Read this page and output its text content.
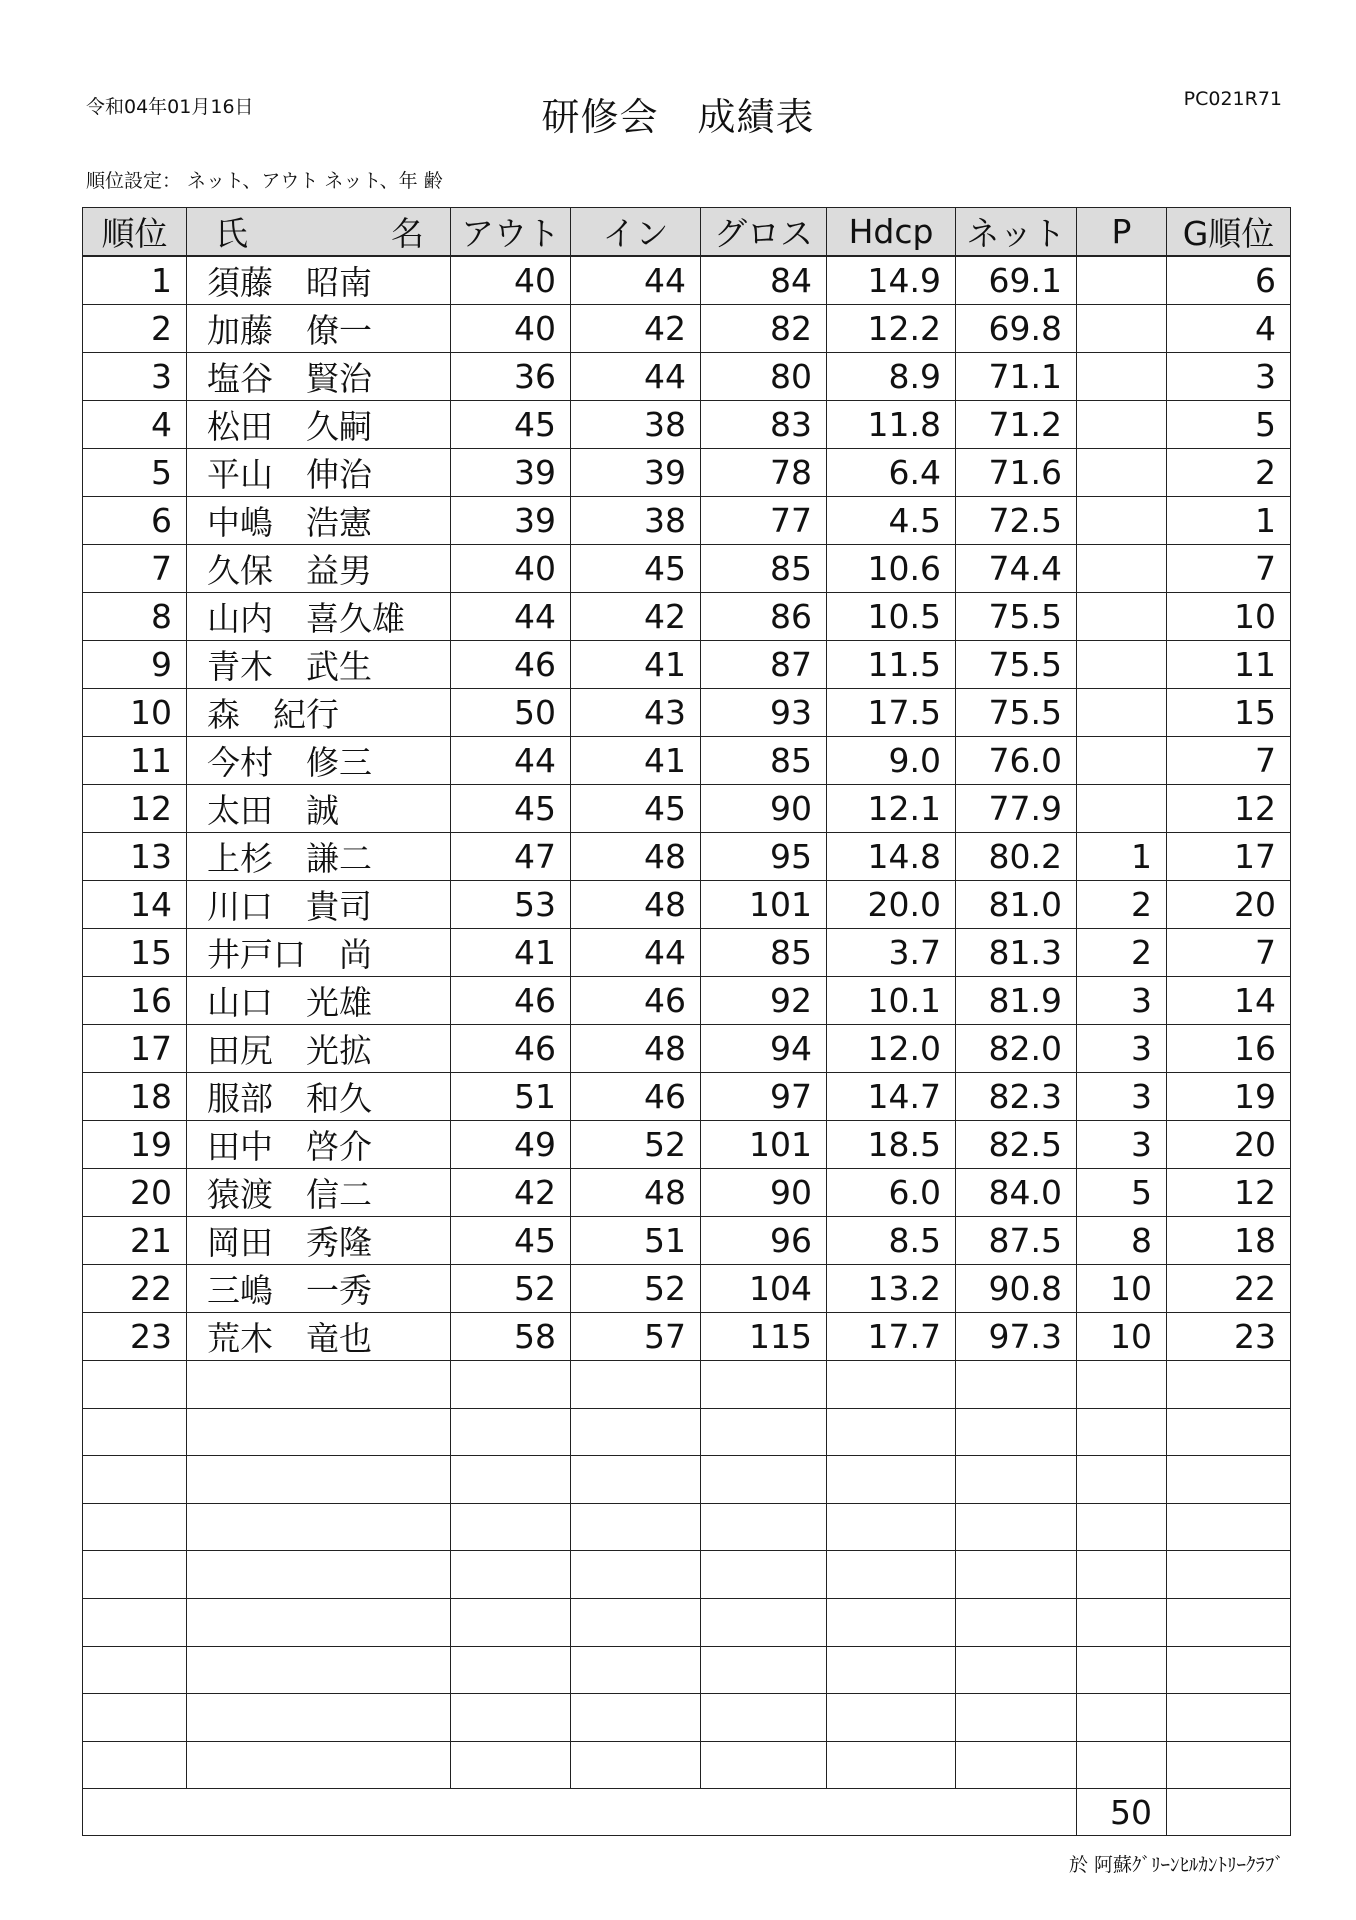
令和04年01月16日	研修会　成績表	PC021R71
順位設定： ネット、アウト ネット、年 齢
順位	氏 名	アウト	イン	グロス	Hdcp	ネット	P	G順位
1	須藤　昭南	40	44	84	14.9	69.1		6
2	加藤　僚一	40	42	82	12.2	69.8		4
3	塩谷　賢治	36	44	80	8.9	71.1		3
4	松田　久嗣	45	38	83	11.8	71.2		5
5	平山　伸治	39	39	78	6.4	71.6		2
6	中嶋　浩憲	39	38	77	4.5	72.5		1
7	久保　益男	40	45	85	10.6	74.4		7
8	山内　喜久雄	44	42	86	10.5	75.5		10
9	青木　武生	46	41	87	11.5	75.5		11
10	森　紀行	50	43	93	17.5	75.5		15
11	今村　修三	44	41	85	9.0	76.0		7
12	太田　誠	45	45	90	12.1	77.9		12
13	上杉　謙二	47	48	95	14.8	80.2	1	17
14	川口　貴司	53	48	101	20.0	81.0	2	20
15	井戸口　尚	41	44	85	3.7	81.3	2	7
16	山口　光雄	46	46	92	10.1	81.9	3	14
17	田尻　光拡	46	48	94	12.0	82.0	3	16
18	服部　和久	51	46	97	14.7	82.3	3	19
19	田中　啓介	49	52	101	18.5	82.5	3	20
20	猿渡　信二	42	48	90	6.0	84.0	5	12
21	岡田　秀隆	45	51	96	8.5	87.5	8	18
22	三嶋　一秀	52	52	104	13.2	90.8	10	22
23	荒木　竜也	58	57	115	17.7	97.3	10	23

							50	
於 阿蘇ｸﾞﾘｰﾝﾋﾙｶﾝﾄﾘｰｸﾗﾌﾞ
